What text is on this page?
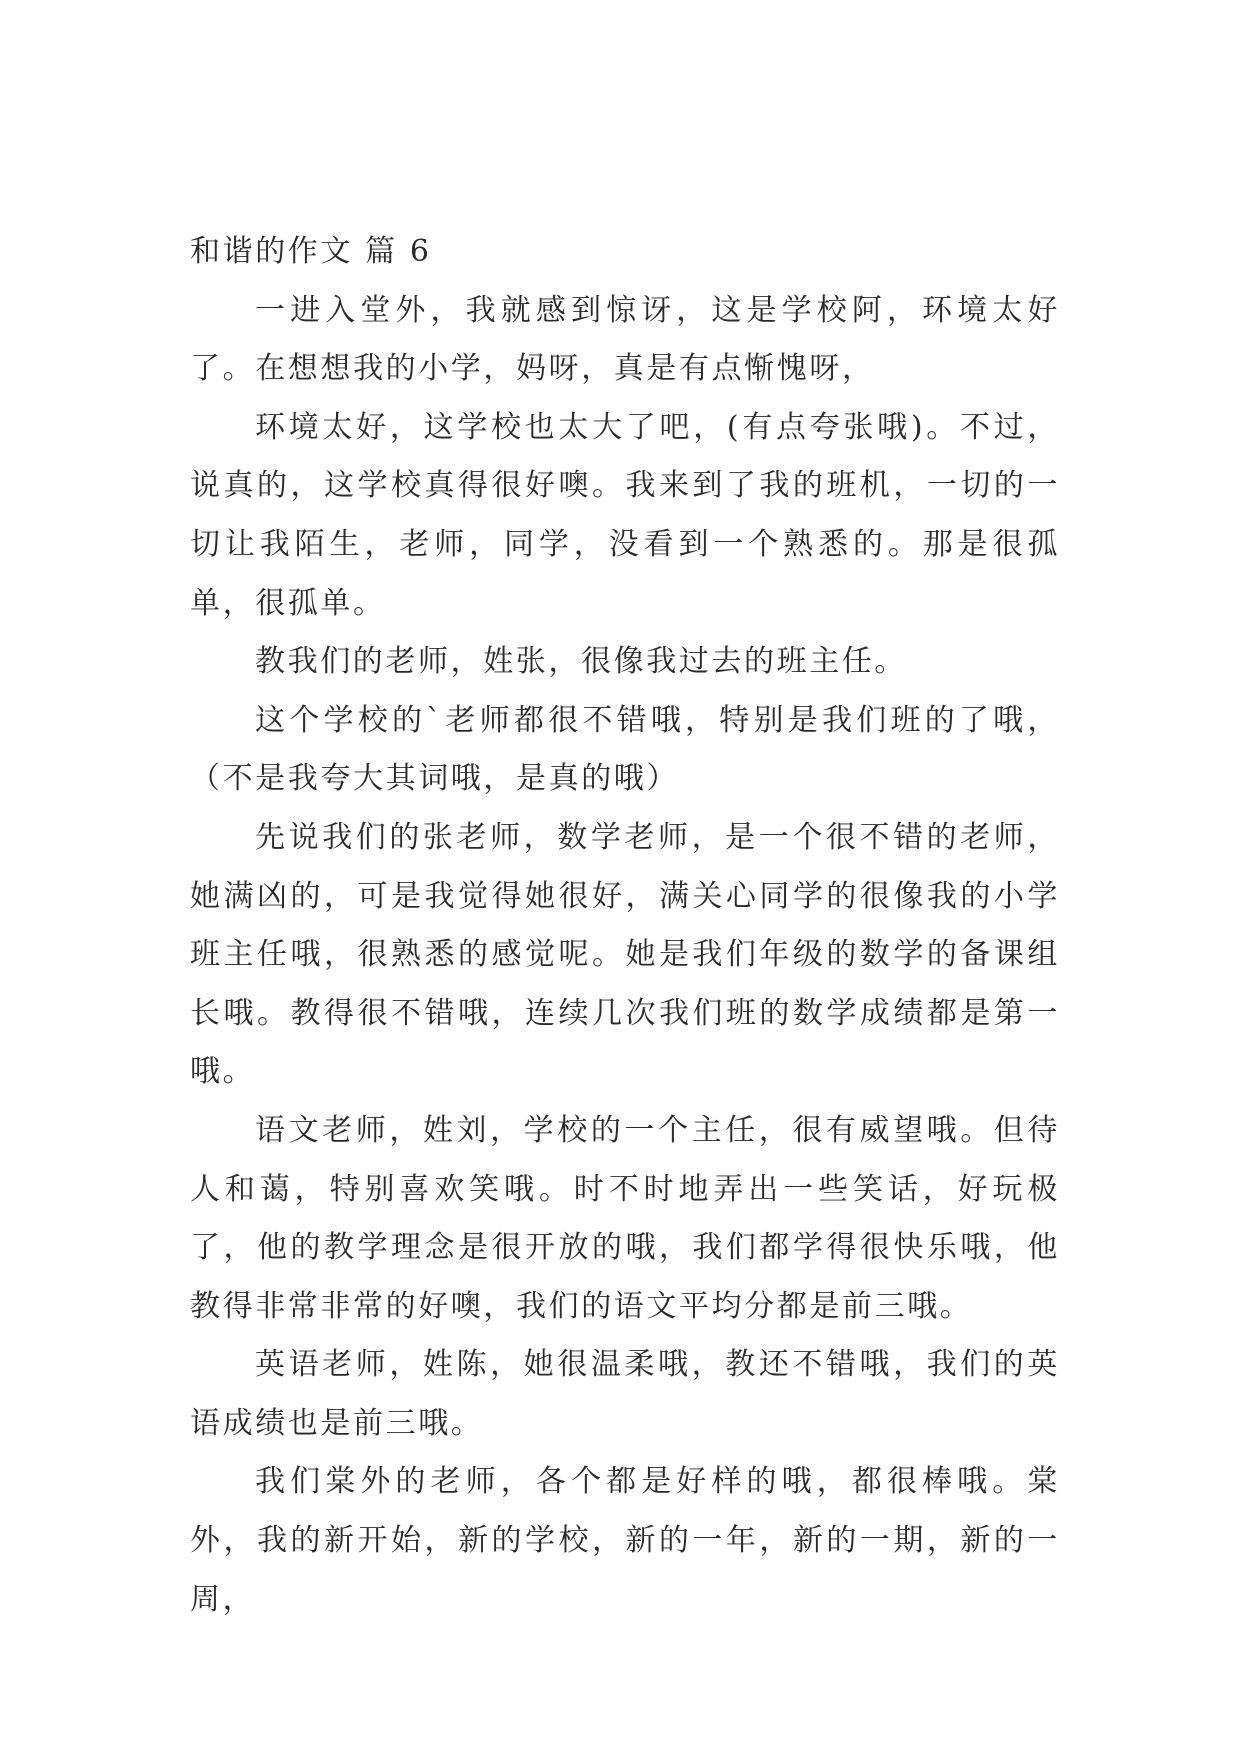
和谐的作文 篇 6

一进入堂外，我就感到惊讶，这是学校阿，环境太好了。在想想我的小学，妈呀，真是有点惭愧呀，

环境太好，这学校也太大了吧，(有点夸张哦)。不过，说真的，这学校真得很好噢。我来到了我的班机，一切的一切让我陌生，老师，同学，没看到一个熟悉的。那是很孤单，很孤单。

教我们的老师，姓张，很像我过去的班主任。

这个学校的`老师都很不错哦，特别是我们班的了哦，（不是我夸大其词哦，是真的哦）

先说我们的张老师，数学老师，是一个很不错的老师，她满凶的，可是我觉得她很好，满关心同学的很像我的小学班主任哦，很熟悉的感觉呢。她是我们年级的数学的备课组长哦。教得很不错哦，连续几次我们班的数学成绩都是第一哦。

语文老师，姓刘，学校的一个主任，很有威望哦。但待人和蔼，特别喜欢笑哦。时不时地弄出一些笑话，好玩极了，他的教学理念是很开放的哦，我们都学得很快乐哦，他教得非常非常的好噢，我们的语文平均分都是前三哦。

英语老师，姓陈，她很温柔哦，教还不错哦，我们的英语成绩也是前三哦。

我们棠外的老师，各个都是好样的哦，都很棒哦。棠外，我的新开始，新的学校，新的一年，新的一期，新的一周，
